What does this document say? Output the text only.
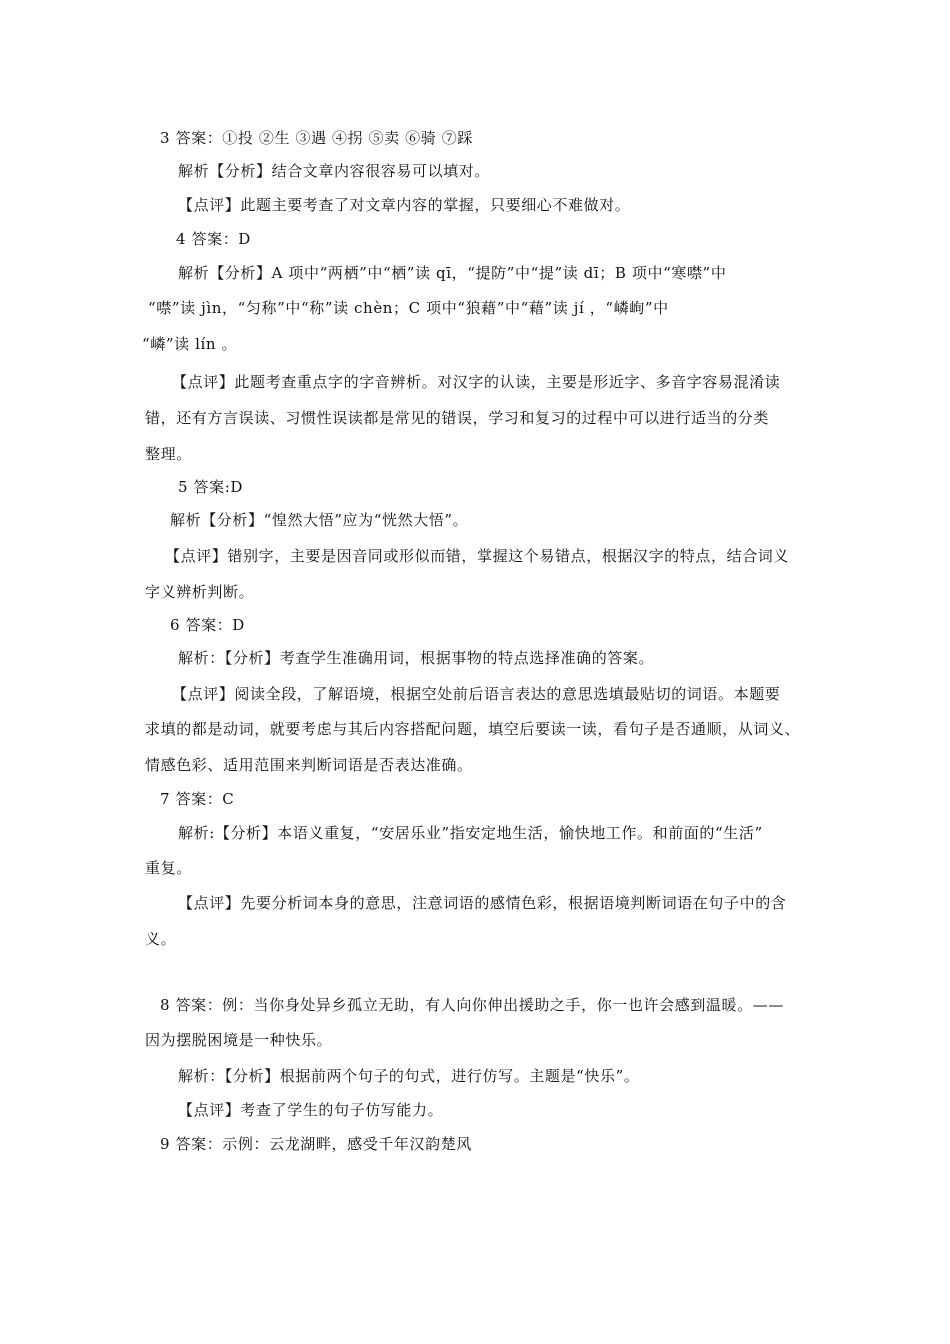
3 答案：①投 ②生 ③遇 ④拐 ⑤卖 ⑥骑 ⑦踩
解析【分析】结合文章内容很容易可以填对。
【点评】此题主要考查了对文章内容的掌握，只要细心不难做对。
4 答案：D
解析【分析】A 项中“两栖”中“栖”读 qī，“提防”中“提”读 dī；B 项中“寒噤”中
“噤”读 jìn，“匀称”中“称”读 chèn；C 项中“狼藉”中“藉”读 jí ，“嶙峋”中
“嶙”读 lín 。
【点评】此题考查重点字的字音辨析。对汉字的认读，主要是形近字、多音字容易混淆读
错，还有方言误读、习惯性误读都是常见的错误，学习和复习的过程中可以进行适当的分类
整理。
5 答案:D
解析【分析】“惶然大悟”应为“恍然大悟”。
【点评】错别字，主要是因音同或形似而错，掌握这个易错点，根据汉字的特点，结合词义
字义辨析判断。
6 答案：D
解析：【分析】考查学生准确用词，根据事物的特点选择准确的答案。
【点评】阅读全段，了解语境，根据空处前后语言表达的意思选填最贴切的词语。本题要
求填的都是动词，就要考虑与其后内容搭配问题，填空后要读一读，看句子是否通顺，从词义、
情感色彩、适用范围来判断词语是否表达准确。
7 答案：C
解析:【分析】本语义重复，“安居乐业”指安定地生活，愉快地工作。和前面的“生活”
重复。
【点评】先要分析词本身的意思，注意词语的感情色彩，根据语境判断词语在句子中的含
义。
8 答案：例：当你身处异乡孤立无助，有人向你伸出援助之手，你一也许会感到温暖。——
因为摆脱困境是一种快乐。
解析：【分析】根据前两个句子的句式，进行仿写。主题是“快乐”。
【点评】考查了学生的句子仿写能力。
9 答案：示例：云龙湖畔，感受千年汉韵楚风
